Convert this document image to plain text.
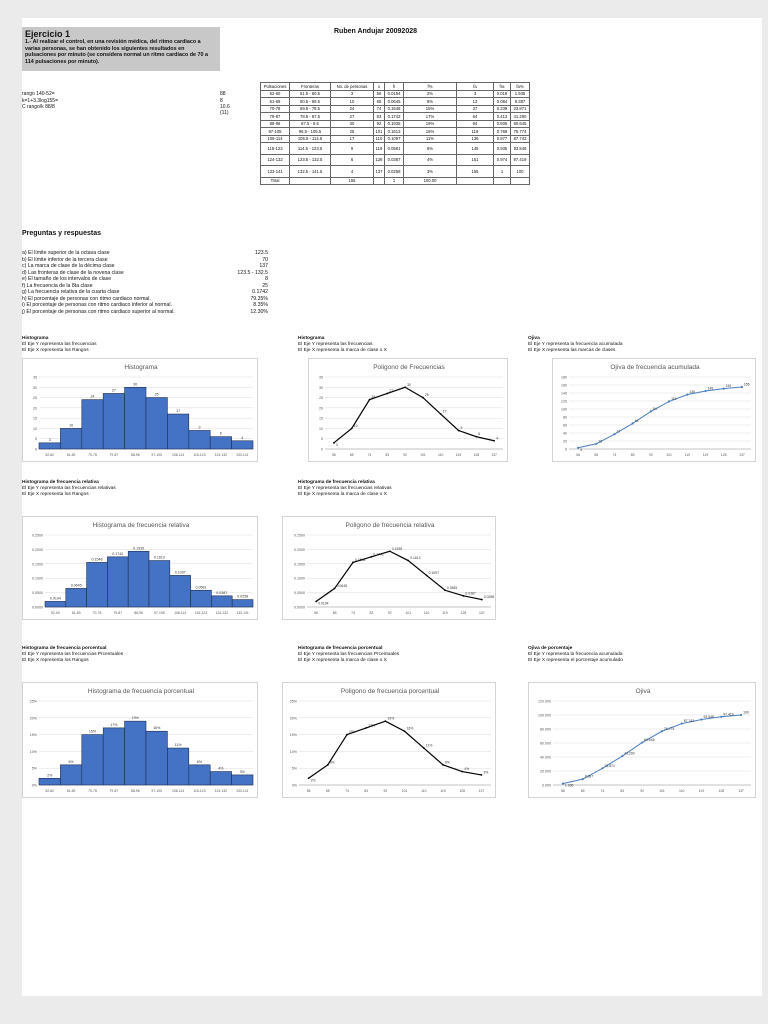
Ejercicio 1
1.- Al realizar el control, en una revisión médica, del ritmo cardiaco a varias personas, se han obtenido los siguientes resultados en pulsaciones por minuto (se considera normal un ritmo cardiaco de 70 a 114 pulsaciones por minuto).
Ruben Andujar 20092028
rango 140-52=	88
k=1+3.3log155=	8
C rango/k 88/8	10.6 (11)
Pulsaciones	Fronteras	No. de personas	x	fr	f%	fa	fra	fa%
52-60	51.5 - 60.5	3	56	0.0194	2%	3	0.019	1.935
61-69	60.5 - 69.5	10	65	0.0645	6%	13	0.084	8.387
70-78	69.5 - 78.5	24	74	0.1548	15%	37	0.239	23.871
79-87	78.5 - 87.5	27	83	0.1742	17%	64	0.413	41.290
88-96	87.5 - 9.5	30	92	0.1935	19%	94	0.606	60.645
97-105	96.5 - 105.5	25	101	0.1613	16%	119	0.768	76.774
106-114	105.5 - 114.5	17	110	0.1097	11%	136	0.877	87.742
115-123	114.5 - 123.5	9	119	0.0581	6%	145	0.935	93.548
124-132	123.5 - 132.5	6	128	0.0387	4%	151	0.974	97.419
133-141	132.5 - 141.5	4	137	0.0258	3%	155	1	100
Total		155		1	100.00			
Preguntas y respuestas
a) El límite superior de la octava clase	123.5
b) El límite inferior de la tercera clase	70
c) La marca de clase de la décima clase	137
d) Las fronteras de clase de la novena clase	123.5 - 132.5
e) El tamaño de los intervalos de clase	8
f) La frecuencia de la 8ta clase	25
g) La frecuencia relativa de la cuarta clase	0.1742
h) El porcentaje de personas con ritmo cardiaco normal.	79.35%
i) El porcentaje de personas con ritmo cardiaco inferior al normal.	8.35%
j) El porcentaje de personas con ritmo cardiaco superior al normal.	12.30%
Histograma
El Eje Y representa las frecuencias
El Eje X representa los Rangos
Histograma
El Eje Y representa las frecuencias
El Eje X representa la marca de clase o X
Ojiva
El Eje Y representa la frecuencia acumulada
El Eje X representa las marcas de clases
Histograma de frecuencia relativa
El Eje Y representa las frecuencias relativas
El Eje X representa los Rangos
Histograma de frecuencia relativa
El Eje Y representa las frecuencias relativas
El Eje X representa la marca de clase o X
Histograma de frecuencia porcentual
El Eje Y representa las frecuencias Prcentuales
El Eje X representa los Rangos
Histograma de frecuencia porcentual
El Eje Y representa las frecuencias Prcentuales
El Eje X representa la marca de clase o X
Ojiva de porcentaje
El Eje Y representa la frecuencia acumulada
El Eje X representa el porcentaje acumulado
Histograma
0
5
10
15
20
25
30
35
3
10
24
27
30
25
17
9
6
4
52-60	61-69	70-78	79-87	88-96	97-105	106-114	115-123	124-132	133-141
Poligono de Frecuencias
0
5
10
15
20
25
30
35
3
10
24
27
30
25
17
9
6
4
56	65	74	83	92	101	110	119	128	137
Ojiva de frecuencia acumulada
0
20
40
60
80
100
120
140
160
180
3
13
37
64
94
119
136
145
151	155
56	65	74	83	92	101	110	119	128	137
Histograma de frecuencia relativa
0.0000
0.0500
0.1000
0.1500
0.2000
0.2500
0.0194
0.0645
0.1548
0.1742
0.1935
0.1613
0.1097
0.0581
0.0387
0.0258
52-60	61-69	70-78	79-87	88-96	97-105	106-114	115-123 124-132 133-141
Poligono de frecuencia relativa
0.0000
0.0500
0.1000
0.1500
0.2000
0.2500
0.0194
0.0645
0.1548
0.1742
0.1935
0.1613
0.1097
0.0581
0.0387
0.0258
56	65	74	83	92	101	110	119	128	137
Histograma de frecuencia porcentual
0%
5%
10%
15%
20%
25%
2%
6%
15%
17%
19%
16%
11%
6%
4%
3%
52-60	61-69	70-78	79-87	88-96	97-105	106-114	115-123	124-132	133-141
Poligono de frecuencia porcentual
0%
5%
10%
15%
20%
25%
2%
6%
15%
17%
19%
16%
11%
6%
4%
3%
56	65	74	83	92	101	110	119	128	137
Ojiva
0.000
20.000
40.000
60.000
80.000
100.000
120.000
1.935
8.387
23.871
41.290
60.645
76.774
87.742
93.548
97.419	100
56	65	74	83	92	101	110	119	128	137
